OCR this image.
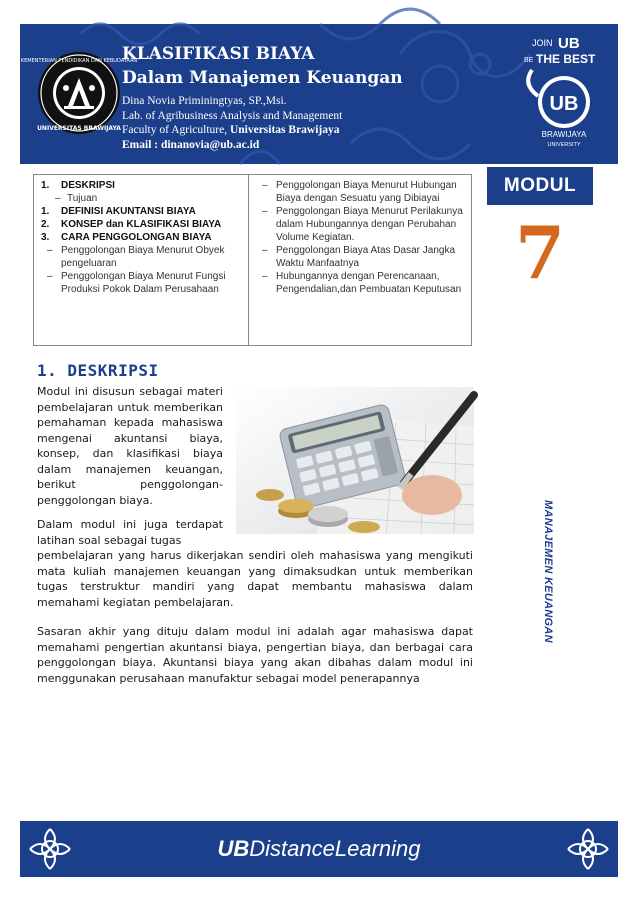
KEMENTERIAN PENDIDIKAN DAN KEBUDAYAAN
UNIVERSITAS BRAWIJAYA
KLASIFIKASI BIAYA
Dalam Manajemen Keuangan
Dina Novia Priminingtyas, SP.,Msi.
Lab. of Agribusiness Analysis and Management
Faculty of Agriculture, Universitas Brawijaya
Email : dinanovia@ub.ac.id
JOIN UB
BE THE BEST
UB
BRAWIJAYA
UNIVERSITY
1. DESKRIPSI
– Tujuan
1. DEFINISI AKUNTANSI BIAYA
2. KONSEP dan KLASIFIKASI BIAYA
3. CARA PENGGOLONGAN BIAYA
– Penggolongan Biaya Menurut Obyek pengeluaran
– Penggolongan Biaya Menurut Fungsi Produksi Pokok Dalam Perusahaan
– Penggolongan Biaya Menurut Hubungan Biaya dengan Sesuatu yang Dibiayai
– Penggolongan Biaya Menurut Perilakunya dalam Hubungannya dengan Perubahan Volume Kegiatan.
– Penggolongan Biaya Atas Dasar Jangka Waktu Manfaatnya
– Hubungannya dengan Perencanaan, Pengendalian,dan Pembuatan Keputusan
MODUL
7
MANAJEMEN KEUANGAN
1. DESKRIPSI
Modul ini disusun sebagai materi pembelajaran untuk memberikan pemahaman kepada mahasiswa mengenai akuntansi biaya, konsep, dan klasifikasi biaya dalam manajemen keuangan, berikut penggolongan-penggolongan biaya.
Dalam modul ini juga terdapat latihan soal sebagai tugas
pembelajaran yang harus dikerjakan sendiri oleh mahasiswa yang mengikuti mata kuliah manajemen keuangan yang dimaksudkan untuk memberikan tugas terstruktur mandiri yang dapat membantu mahasiswa dalam memahami kegiatan pembelajaran.
Sasaran akhir yang dituju dalam modul ini adalah agar mahasiswa dapat memahami pengertian akuntansi biaya, pengertian biaya, dan berbagai cara penggolongan biaya. Akuntansi biaya yang akan dibahas dalam modul ini menggunakan perusahaan manufaktur sebagai model penerapannya
UB DistanceLearning
